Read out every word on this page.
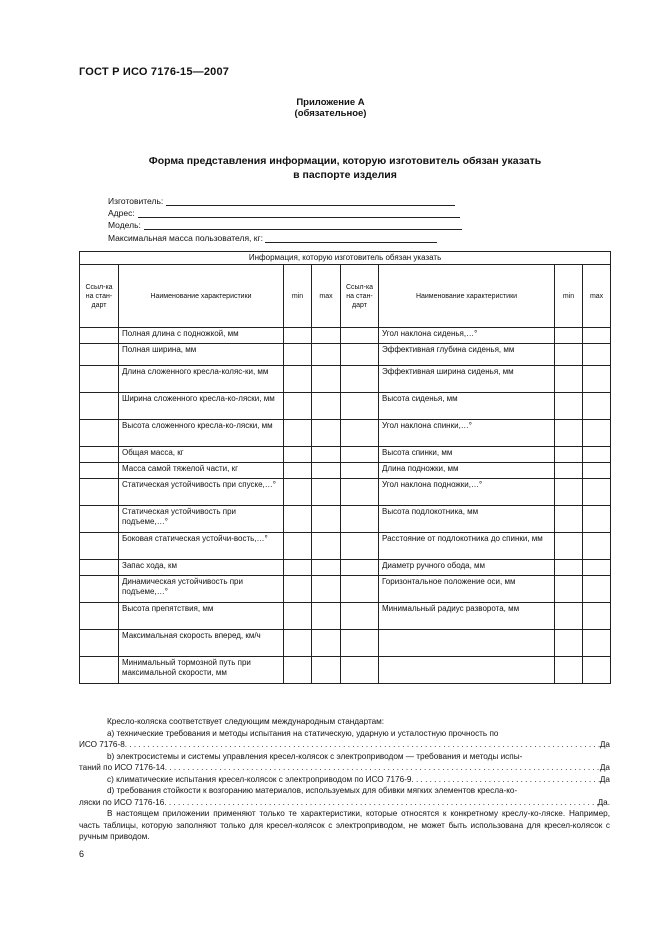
ГОСТ Р ИСО 7176-15—2007
Приложение А
(обязательное)
Форма представления информации, которую изготовитель обязан указать
в паспорте изделия
Изготовитель:
Адрес:
Модель:
Максимальная масса пользователя, кг:
Информация, которую изготовитель обязан указать							
Ссыл-ка на стан-дарт	Наименование характеристики	min	max	Ссыл-ка на стан-дарт	Наименование характеристики	min	max
	Полная длина с подножкой, мм				Угол наклона сиденья,…°		
	Полная ширина, мм				Эффективная глубина сиденья, мм		
	Длина сложенного кресла-коляс-ки, мм				Эффективная ширина сиденья, мм		
	Ширина сложенного кресла-ко-ляски, мм				Высота сиденья, мм		
	Высота сложенного кресла-ко-ляски, мм				Угол наклона спинки,…°		
	Общая масса, кг				Высота спинки, мм		
	Масса самой тяжелой части, кг				Длина подножки, мм		
	Статическая устойчивость при спуске,…°				Угол наклона подножки,…°		
	Статическая устойчивость при подъеме,…°				Высота подлокотника, мм		
	Боковая статическая устойчи-вость,…°				Расстояние от подлокотника до спинки, мм		
	Запас хода, км				Диаметр ручного обода, мм		
	Динамическая устойчивость при подъеме,…°				Горизонтальное положение оси, мм		
	Высота препятствия, мм				Минимальный радиус разворота, мм		
	Максимальная скорость вперед, км/ч						
	Минимальный тормозной путь при максимальной скорости, мм						

Кресло-коляска соответствует следующим международным стандартам:

а) технические требования и методы испытания на статическую, ударную и усталостную прочность по

ИСО 7176-8 . . .	Да

b) электросистемы и системы управления кресел-колясок с электроприводом — требования и методы испы-

таний по ИСО 7176-14 . . .	Да
с) климатические испытания кресел-колясок с электроприводом по ИСО 7176-9 . . .	Да

d) требования стойкости к возгоранию материалов, используемых для обивки мягких элементов кресла-ко-

ляски по ИСО 7176-16 . . .	Да.

В настоящем приложении применяют только те характеристики, которые относятся к конкретному креслу-ко-ляске. Например, часть таблицы, которую заполняют только для кресел-колясок с электроприводом, не может быть использована для кресел-колясок с ручным приводом.

6
